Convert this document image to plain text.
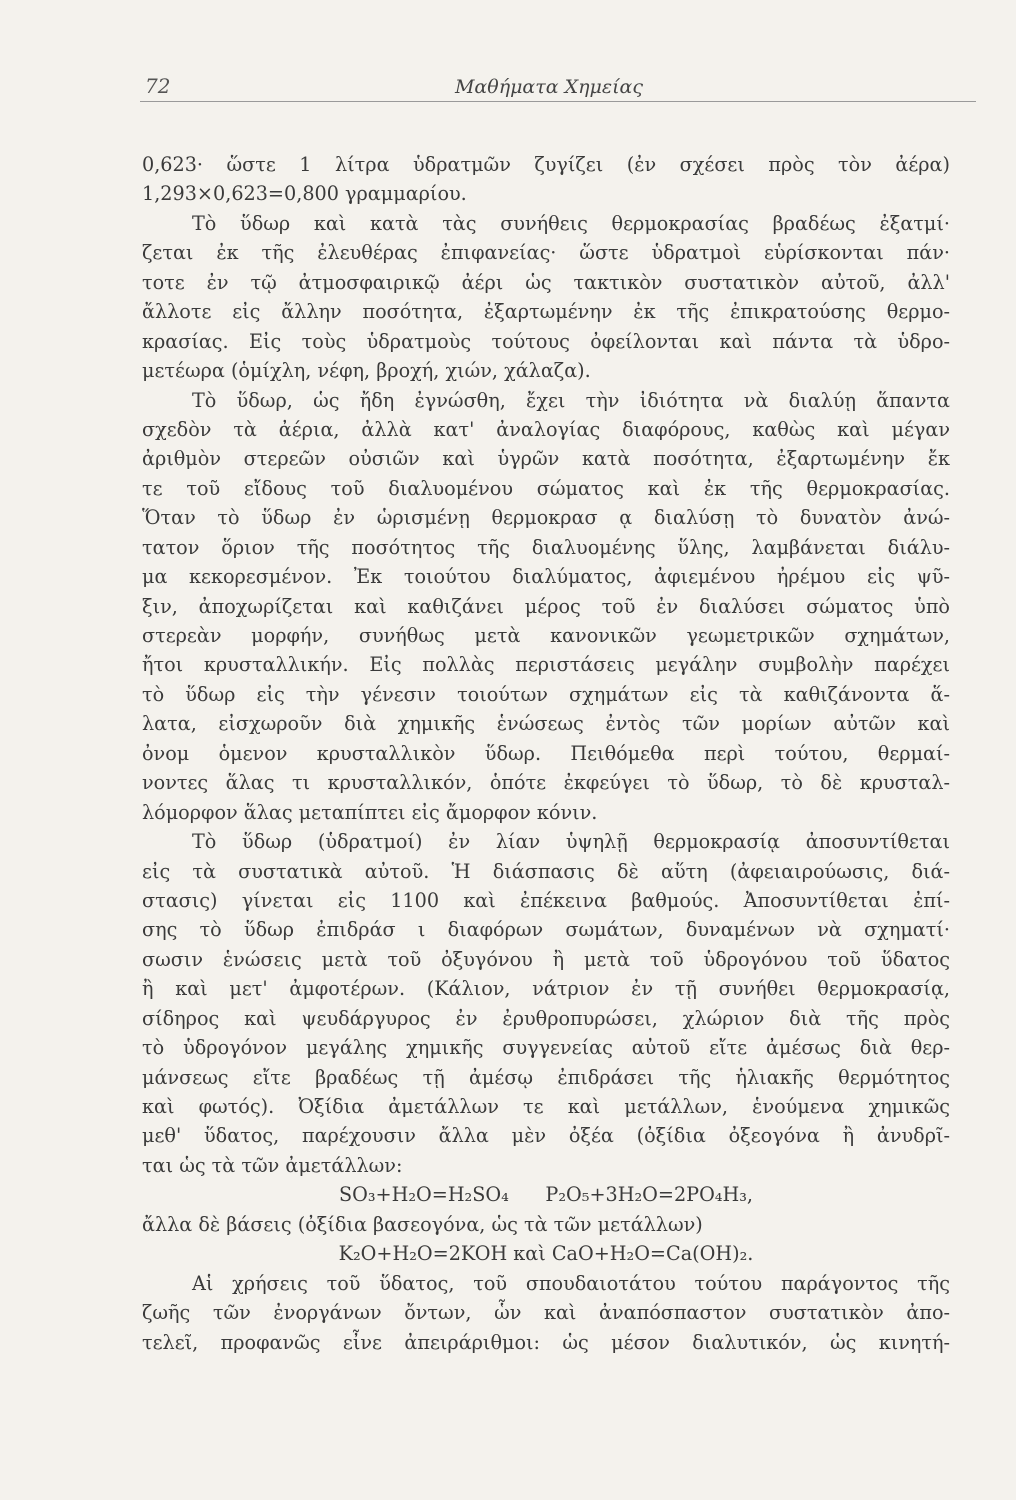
72	Μαθήματα Χημείας
0,623· ὥστε 1 λίτρα ὑδρατμῶν ζυγίζει (ἐν σχέσει πρὸς τὸν ἀέρα)
1,293×0,623=0,800 γραμμαρίου.
Τὸ ὕδωρ καὶ κατὰ τὰς συνήθεις θερμοκρασίας βραδέως ἐξατμί·
ζεται ἐκ τῆς ἐλευθέρας ἐπιφανείας· ὥστε ὑδρατμοὶ εὑρίσκονται πάν·
τοτε ἐν τῷ ἀτμοσφαιρικῷ ἀέρι ὡς τακτικὸν συστατικὸν αὐτοῦ, ἀλλ'
ἄλλοτε εἰς ἄλλην ποσότητα, ἐξαρτωμένην ἐκ τῆς ἐπικρατούσης θερμο-
κρασίας. Εἰς τοὺς ὑδρατμοὺς τούτους ὀφείλονται καὶ πάντα τὰ ὑδρο-
μετέωρα (ὁμίχλη, νέφη, βροχή, χιών, χάλαζα).
Τὸ ὕδωρ, ὡς ἤδη ἐγνώσθη, ἔχει τὴν ἰδιότητα νὰ διαλύῃ ἅπαντα
σχεδὸν τὰ ἀέρια, ἀλλὰ κατ' ἀναλογίας διαφόρους, καθὼς καὶ μέγαν
ἀριθμὸν στερεῶν οὐσιῶν καὶ ὑγρῶν κατὰ ποσότητα, ἐξαρτωμένην ἔκ
τε τοῦ εἴδους τοῦ διαλυομένου σώματος καὶ ἐκ τῆς θερμοκρασίας.
Ὅταν τὸ ὕδωρ ἐν ὡρισμένῃ θερμοκρασ ᾳ διαλύσῃ τὸ δυνατὸν ἀνώ-
τατον ὅριον τῆς ποσότητος τῆς διαλυομένης ὕλης, λαμβάνεται διάλυ-
μα κεκορεσμένον. Ἐκ τοιούτου διαλύματος, ἀφιεμένου ἠρέμου εἰς ψῦ-
ξιν, ἀποχωρίζεται καὶ καθιζάνει μέρος τοῦ ἐν διαλύσει σώματος ὑπὸ
στερεὰν μορφήν, συνήθως μετὰ κανονικῶν γεωμετρικῶν σχημάτων,
ἤτοι κρυσταλλικήν. Εἰς πολλὰς περιστάσεις μεγάλην συμβολὴν παρέχει
τὸ ὕδωρ εἰς τὴν γένεσιν τοιούτων σχημάτων εἰς τὰ καθιζάνοντα ἅ-
λατα, εἰσχωροῦν διὰ χημικῆς ἑνώσεως ἐντὸς τῶν μορίων αὐτῶν καὶ
ὀνομ ὁμενον κρυσταλλικὸν ὕδωρ. Πειθόμεθα περὶ τούτου, θερμαί-
νοντες ἅλας τι κρυσταλλικόν, ὁπότε ἐκφεύγει τὸ ὕδωρ, τὸ δὲ κρυσταλ-
λόμορφον ἅλας μεταπίπτει εἰς ἄμορφον κόνιν.
Τὸ ὕδωρ (ὑδρατμοί) ἐν λίαν ὑψηλῇ θερμοκρασίᾳ ἀποσυντίθεται
εἰς τὰ συστατικὰ αὐτοῦ. Ἡ διάσπασις δὲ αὕτη (ἀφειαιρούωσις, διά-
στασις) γίνεται εἰς 1100 καὶ ἐπέκεινα βαθμούς. Ἀποσυντίθεται ἐπί-
σης τὸ ὕδωρ ἐπιδράσ ι διαφόρων σωμάτων, δυναμένων νὰ σχηματί·
σωσιν ἑνώσεις μετὰ τοῦ ὀξυγόνου ἢ μετὰ τοῦ ὑδρογόνου τοῦ ὕδατος
ἢ καὶ μετ' ἀμφοτέρων. (Κάλιον, νάτριον ἐν τῇ συνήθει θερμοκρασίᾳ,
σίδηρος καὶ ψευδάργυρος ἐν ἐρυθροπυρώσει, χλώριον διὰ τῆς πρὸς
τὸ ὑδρογόνον μεγάλης χημικῆς συγγενείας αὐτοῦ εἴτε ἀμέσως διὰ θερ-
μάνσεως εἴτε βραδέως τῇ ἀμέσῳ ἐπιδράσει τῆς ἡλιακῆς θερμότητος
καὶ φωτός). Ὀξίδια ἀμετάλλων τε καὶ μετάλλων, ἑνούμενα χημικῶς
μεθ' ὕδατος, παρέχουσιν ἄλλα μὲν ὀξέα (ὀξίδια ὀξεογόνα ἢ ἀνυδρῖ-
ται ὡς τὰ τῶν ἀμετάλλων:
SO₃+H₂O=H₂SO₄      P₂O₅+3H₂O=2PO₄H₃,
ἄλλα δὲ βάσεις (ὀξίδια βασεογόνα, ὡς τὰ τῶν μετάλλων)
K₂O+H₂O=2KOH καὶ CaO+H₂O=Ca(OH)₂.
Αἱ χρήσεις τοῦ ὕδατος, τοῦ σπουδαιοτάτου τούτου παράγοντος τῆς
ζωῆς τῶν ἐνοργάνων ὄντων, ὧν καὶ ἀναπόσπαστον συστατικὸν ἀπο-
τελεῖ, προφανῶς εἶνε ἀπειράριθμοι: ὡς μέσον διαλυτικόν, ὡς κινητή-
